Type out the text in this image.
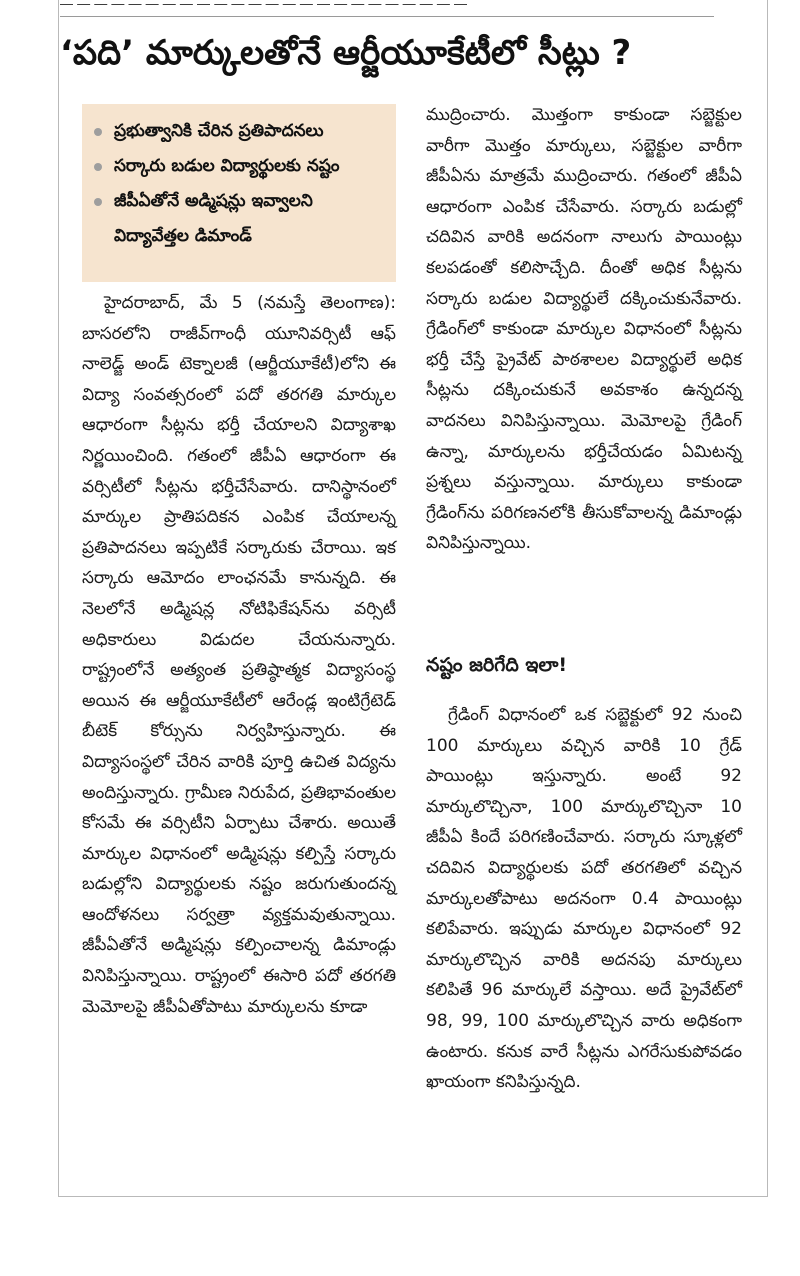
― ― ― ― ― ― ― ― ― ― ― ― ― ― ― ― ― ― ― ― ― ― ― ―
‘పది’ మార్కులతోనే ఆర్జీయూకేటీలో సీట్లు ?
ప్రభుత్వానికి చేరిన ప్రతిపాదనలు
సర్కారు బడుల విద్యార్థులకు నష్టం
జీపీఏతోనే అడ్మిషన్లు ఇవ్వాలని విద్యావేత్తల డిమాండ్

హైదరాబాద్, మే 5 (నమస్తే తెలంగాణ): బాసరలోని రాజీవ్‌గాంధీ యూనివర్సిటీ ఆఫ్ నాలెడ్జ్ అండ్ టెక్నాలజీ (ఆర్జీయూకేటీ)లోని ఈ విద్యా సంవత్సరంలో పదో తరగతి మార్కుల ఆధారంగా సీట్లను భర్తీ చేయాలని విద్యాశాఖ నిర్ణయించింది. గతంలో జీపీఏ ఆధారంగా ఈ వర్సిటీలో సీట్లను భర్తీచేసేవారు. దానిస్థానంలో మార్కుల ప్రాతిపదికన ఎంపిక చేయాలన్న ప్రతిపాదనలు ఇప్పటికే సర్కారుకు చేరాయి. ఇక సర్కారు ఆమోదం లాంఛనమే కానున్నది. ఈ నెలలోనే అడ్మిషన్ల నోటిఫికేషన్‌ను వర్సిటీ అధికారులు విడుదల చేయనున్నారు. రాష్ట్రంలోనే అత్యంత ప్రతిష్ఠాత్మక విద్యాసంస్థ అయిన ఈ ఆర్జీయూకేటీలో ఆరేండ్ల ఇంటిగ్రేటెడ్ బీటెక్ కోర్సును నిర్వహిస్తున్నారు. ఈ విద్యాసంస్థలో చేరిన వారికి పూర్తి ఉచిత విద్యను అందిస్తున్నారు. గ్రామీణ నిరుపేద, ప్రతిభావంతుల కోసమే ఈ వర్సిటీని ఏర్పాటు చేశారు. అయితే మార్కుల విధానంలో అడ్మిషన్లు కల్పిస్తే సర్కారు బడుల్లోని విద్యార్థులకు నష్టం జరుగుతుందన్న ఆందోళనలు సర్వత్రా వ్యక్తమవుతున్నాయి. జీపీఏతోనే అడ్మిషన్లు కల్పించాలన్న డిమాండ్లు వినిపిస్తున్నాయి. రాష్ట్రంలో ఈసారి పదో తరగతి మెమోలపై జీపీఏతోపాటు మార్కులను కూడా

ముద్రించారు. మొత్తంగా కాకుండా సబ్జెక్టుల వారీగా మొత్తం మార్కులు, సబ్జెక్టుల వారీగా జీపీఏను మాత్రమే ముద్రించారు. గతంలో జీపీఏ ఆధారంగా ఎంపిక చేసేవారు. సర్కారు బడుల్లో చదివిన వారికి అదనంగా నాలుగు పాయింట్లు కలపడంతో కలిసొచ్చేది. దీంతో అధిక సీట్లను సర్కారు బడుల విద్యార్థులే దక్కించుకునేవారు. గ్రేడింగ్‌లో కాకుండా మార్కుల విధానంలో సీట్లను భర్తీ చేస్తే ప్రైవేట్ పాఠశాలల విద్యార్థులే అధిక సీట్లను దక్కించుకునే అవకాశం ఉన్నదన్న వాదనలు వినిపిస్తున్నాయి. మెమోలపై గ్రేడింగ్ ఉన్నా, మార్కులను భర్తీచేయడం ఏమిటన్న ప్రశ్నలు వస్తున్నాయి. మార్కులు కాకుండా గ్రేడింగ్‌ను పరిగణనలోకి తీసుకోవాలన్న డిమాండ్లు వినిపిస్తున్నాయి.

నష్టం జరిగేది ఇలా!

గ్రేడింగ్ విధానంలో ఒక సబ్జెక్టులో 92 నుంచి 100 మార్కులు వచ్చిన వారికి 10 గ్రేడ్ పాయింట్లు ఇస్తున్నారు. అంటే 92 మార్కులొచ్చినా, 100 మార్కులొచ్చినా 10 జీపీఏ కిందే పరిగణించేవారు. సర్కారు స్కూళ్లలో చదివిన విద్యార్థులకు పదో తరగతిలో వచ్చిన మార్కులతోపాటు అదనంగా 0.4 పాయింట్లు కలిపేవారు. ఇప్పుడు మార్కుల విధానంలో 92 మార్కులొచ్చిన వారికి అదనపు మార్కులు కలిపితే 96 మార్కులే వస్తాయి. అదే ప్రైవేట్‌లో 98, 99, 100 మార్కులొచ్చిన వారు అధికంగా ఉంటారు. కనుక వారే సీట్లను ఎగరేసుకుపోవడం ఖాయంగా కనిపిస్తున్నది.
